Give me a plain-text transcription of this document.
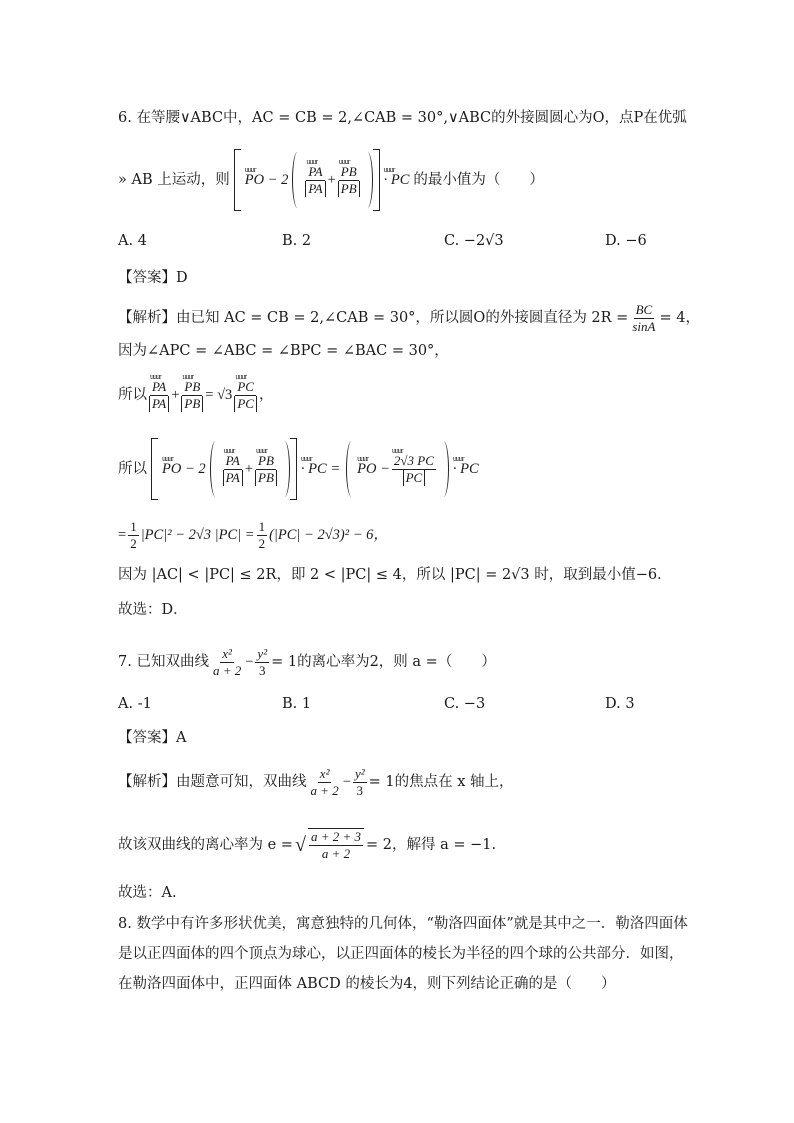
6. 在等腰∨ABC中，AC = CB = 2,∠CAB = 30°,∨ABC的外接圆圆心为O，点P在优弧
» AB 上运动，则 uuur PO − 2 uuur $\frac{PA}{PA}$ + uuur $\frac{PB}{PB}$ uuur · PC 的最小值为（　　）
A. 4	B. 2	C. −2√3	D. −6
【答案】D
【解析】由已知 AC = CB = 2,∠CAB = 30°，所以圆O的外接圆直径为 $2R = \frac{BC}{\sin A} = 4$，
因为∠APC = ∠ABC = ∠BPC = ∠BAC = 30°，
所以 uuur $\frac{PA}{PA}$ + uuur $\frac{PB}{PB} = √3$ uuur $\frac{PC}{PC}$ ，
所以 uuur PO − 2 uuur $\frac{PA}{PA}$ + uuur $\frac{PB}{PB}$ uuur · PC = uuur PO − uuur $\frac{2√3 PC}{PC}$ uuur · PC
= $\frac{1}{2} |PC|^2 - 2√3$ $|PC| = \frac{1}{2} (|PC| - 2√3)^2 - 6$，
因为 |AC| < |PC| ≤ 2R，即 2 < |PC| ≤ 4，所以 |PC| = 2√3 时，取到最小值−6．
故选：D．
7. 已知双曲线 $\frac{\text{x²}}{a + 2} - \frac{\text{y²}}{3} = 1$的离心率为2，则 a =（　　）
A. -1	B. 1	C. −3	D. 3
【答案】A
【解析】由题意可知，双曲线 $\frac{\text{x²}}{a + 2} - \frac{\text{y²}}{3} = 1$的焦点在 x 轴上，
故该双曲线的离心率为 e = √ $\frac{a + 2 + 3}{a + 2} = 2$，解得 a = −1.
故选：A.
8. 数学中有许多形状优美，寓意独特的几何体，“勒洛四面体”就是其中之一．勒洛四面体
是以正四面体的四个顶点为球心，以正四面体的棱长为半径的四个球的公共部分．如图，
在勒洛四面体中，正四面体 ABCD 的棱长为4，则下列结论正确的是（　　）
